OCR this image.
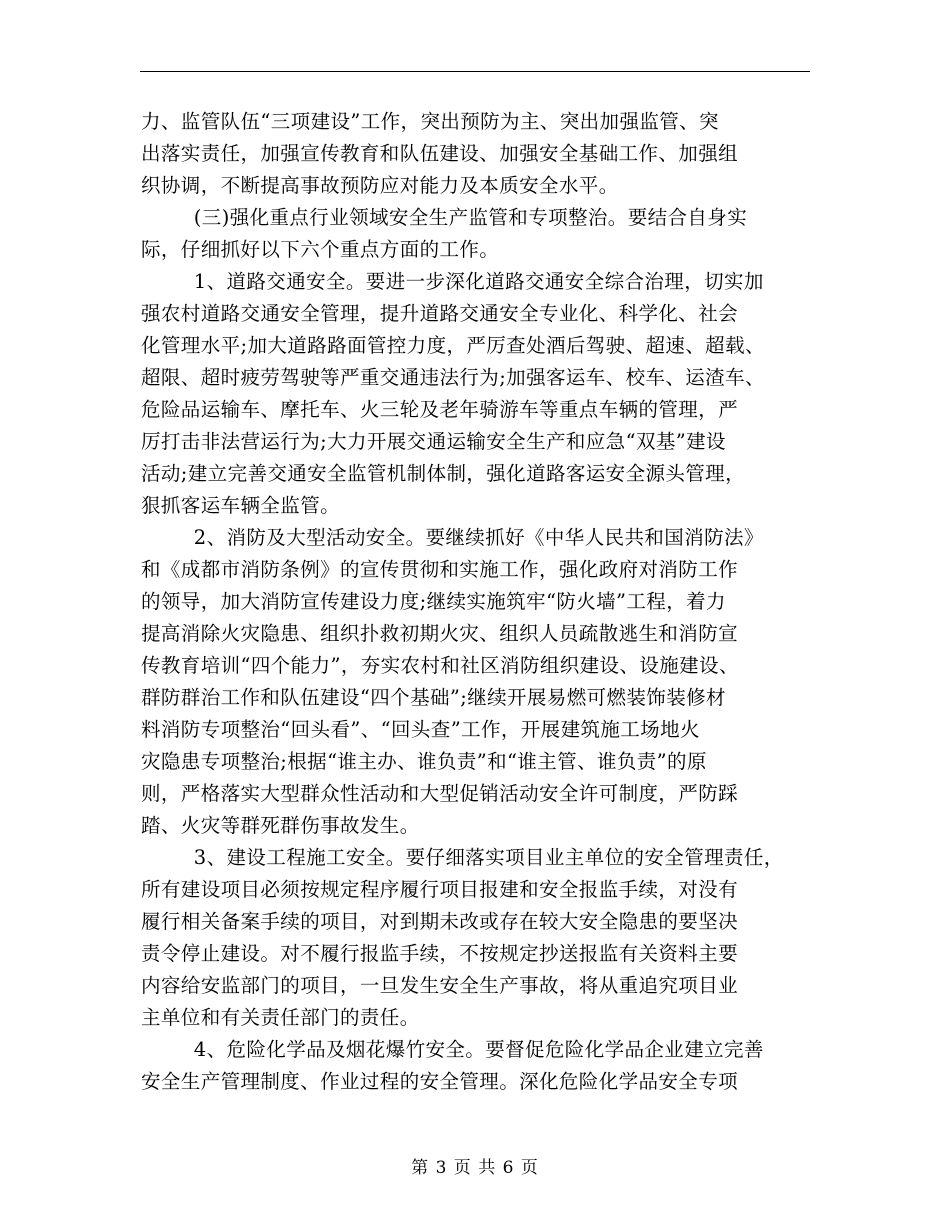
力、监管队伍“三项建设”工作，突出预防为主、突出加强监管、突
出落实责任，加强宣传教育和队伍建设、加强安全基础工作、加强组
织协调，不断提高事故预防应对能力及本质安全水平。
(三)强化重点行业领域安全生产监管和专项整治。要结合自身实
际，仔细抓好以下六个重点方面的工作。
1、道路交通安全。要进一步深化道路交通安全综合治理，切实加
强农村道路交通安全管理，提升道路交通安全专业化、科学化、社会
化管理水平;加大道路路面管控力度，严厉查处酒后驾驶、超速、超载、
超限、超时疲劳驾驶等严重交通违法行为;加强客运车、校车、运渣车、
危险品运输车、摩托车、火三轮及老年骑游车等重点车辆的管理，严
厉打击非法营运行为;大力开展交通运输安全生产和应急“双基”建设
活动;建立完善交通安全监管机制体制，强化道路客运安全源头管理，
狠抓客运车辆全监管。
2、消防及大型活动安全。要继续抓好《中华人民共和国消防法》
和《成都市消防条例》的宣传贯彻和实施工作，强化政府对消防工作
的领导，加大消防宣传建设力度;继续实施筑牢“防火墙”工程，着力
提高消除火灾隐患、组织扑救初期火灾、组织人员疏散逃生和消防宣
传教育培训“四个能力”，夯实农村和社区消防组织建设、设施建设、
群防群治工作和队伍建设“四个基础”;继续开展易燃可燃装饰装修材
料消防专项整治“回头看”、“回头查”工作，开展建筑施工场地火
灾隐患专项整治;根据“谁主办、谁负责”和“谁主管、谁负责”的原
则，严格落实大型群众性活动和大型促销活动安全许可制度，严防踩
踏、火灾等群死群伤事故发生。
3、建设工程施工安全。要仔细落实项目业主单位的安全管理责任，
所有建设项目必须按规定程序履行项目报建和安全报监手续，对没有
履行相关备案手续的项目，对到期未改或存在较大安全隐患的要坚决
责令停止建设。对不履行报监手续，不按规定抄送报监有关资料主要
内容给安监部门的项目，一旦发生安全生产事故，将从重追究项目业
主单位和有关责任部门的责任。
4、危险化学品及烟花爆竹安全。要督促危险化学品企业建立完善
安全生产管理制度、作业过程的安全管理。深化危险化学品安全专项
第 3 页 共 6 页
